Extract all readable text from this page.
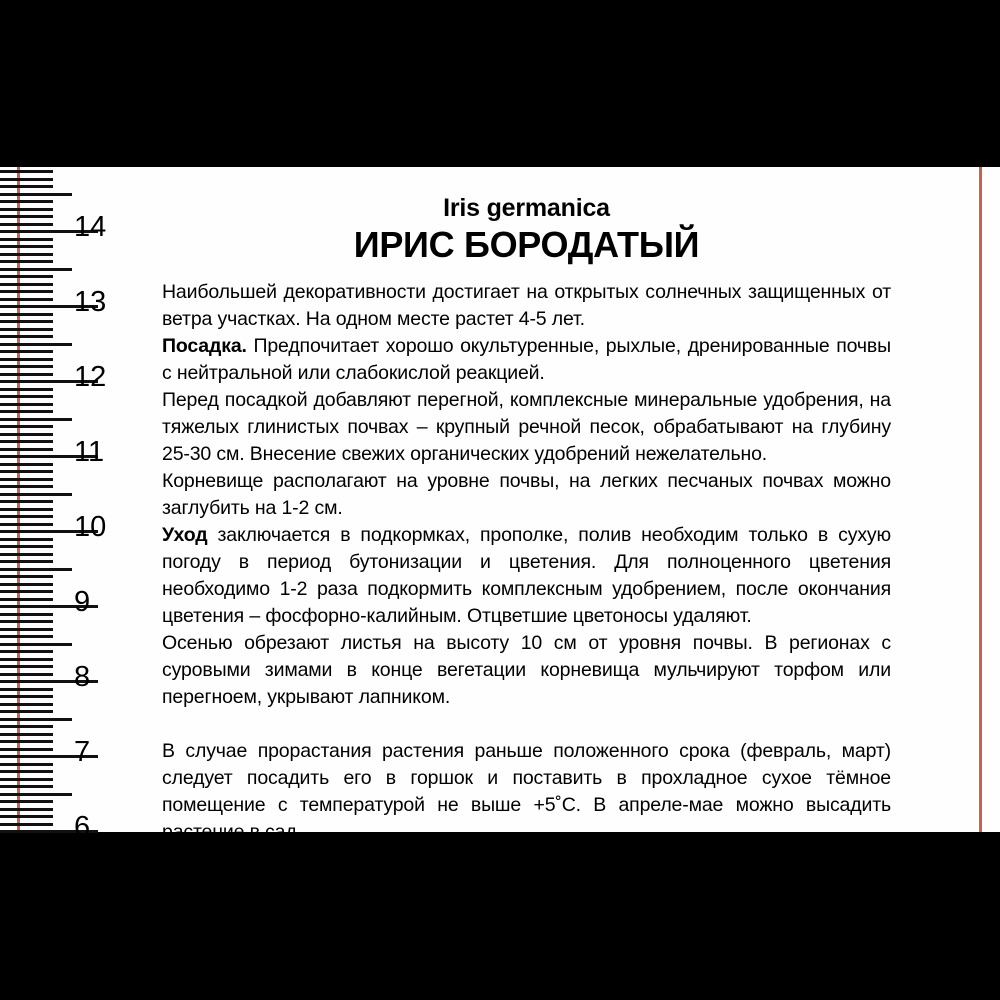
14
13
12
11
10
9
8
7
6
Iris germanica
ИРИС БОРОДАТЫЙ

Наибольшей декоративности достигает на открытых солнечных защищенных от ветра участках. На одном месте растет 4-5 лет.

Посадка. Предпочитает хорошо окультуренные, рыхлые, дренированные почвы с нейтральной или слабокислой реакцией.

Перед посадкой добавляют перегной, комплексные минеральные удобрения, на тяжелых глинистых почвах – крупный речной песок, обрабатывают на глубину 25-30 см. Внесение свежих органических удобрений нежелательно.

Корневище располагают на уровне почвы, на легких песчаных почвах можно заглубить на 1-2 см.

Уход заключается в подкормках, прополке, полив необходим только в сухую погоду в период бутонизации и цветения. Для полноценного цветения необходимо 1-2 раза подкормить комплексным удобрением, после окончания цветения – фосфорно-калийным. Отцветшие цветоносы удаляют.

Осенью обрезают листья на высоту 10 см от уровня почвы. В регионах с суровыми зимами в конце вегетации корневища мульчируют торфом или перегноем, укрывают лапником.

В случае прорастания растения раньше положенного срока (февраль, март) следует посадить его в горшок и поставить в прохладное сухое тёмное помещение с температурой не выше +5˚С. В апреле-мае можно высадить растение в сад.

При покупке в августе-сентябре хранить корневища не следует. Их можно сразу сажать в открытый грунт.
